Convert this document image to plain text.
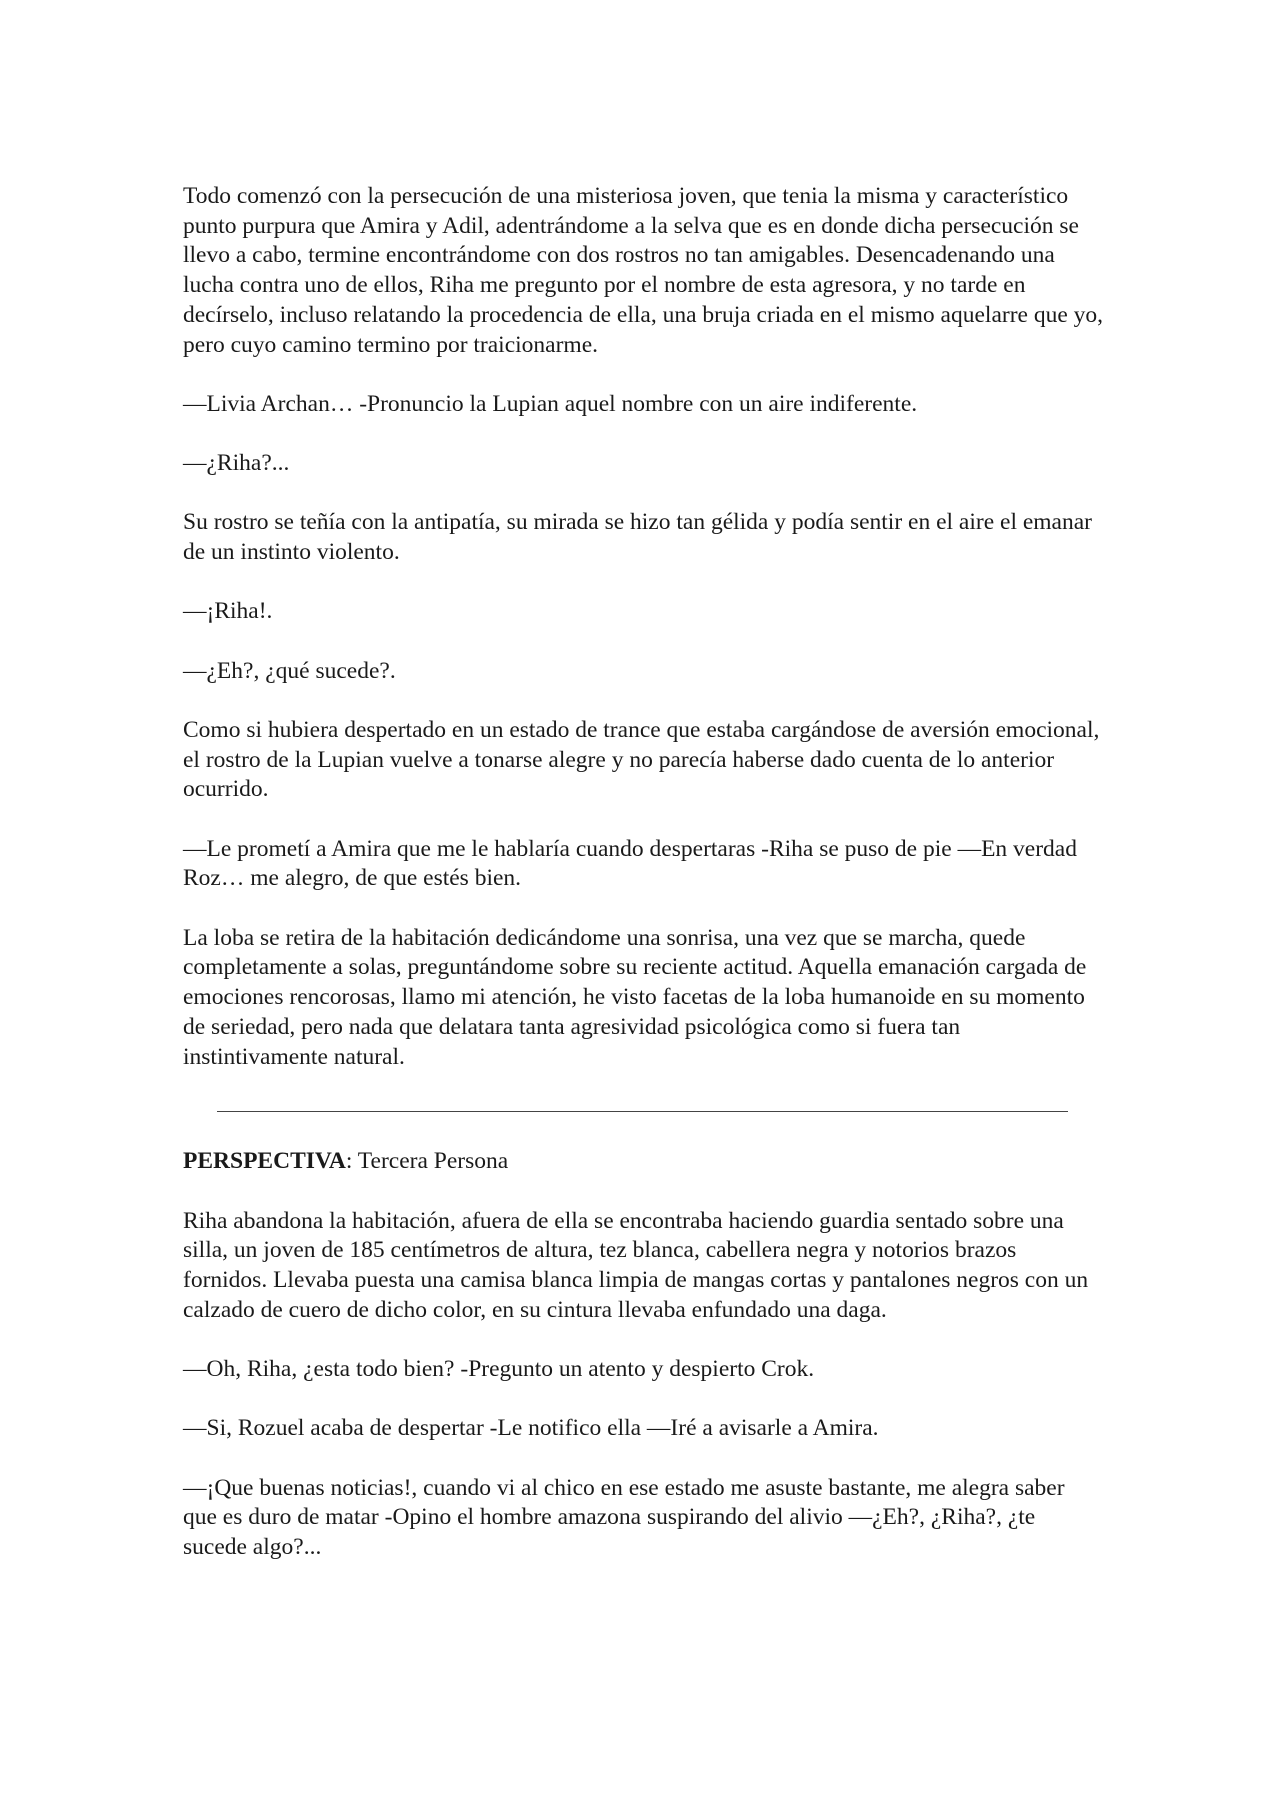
Todo comenzó con la persecución de una misteriosa joven, que tenia la misma y característico punto purpura que Amira y Adil, adentrándome a la selva que es en donde dicha persecución se llevo a cabo, termine encontrándome con dos rostros no tan amigables. Desencadenando una lucha contra uno de ellos, Riha me pregunto por el nombre de esta agresora, y no tarde en decírselo, incluso relatando la procedencia de ella, una bruja criada en el mismo aquelarre que yo, pero cuyo camino termino por traicionarme.

—Livia Archan… -Pronuncio la Lupian aquel nombre con un aire indiferente.

—¿Riha?...

Su rostro se teñía con la antipatía, su mirada se hizo tan gélida y podía sentir en el aire el emanar de un instinto violento.

—¡Riha!.

—¿Eh?, ¿qué sucede?.

Como si hubiera despertado en un estado de trance que estaba cargándose de aversión emocional, el rostro de la Lupian vuelve a tonarse alegre y no parecía haberse dado cuenta de lo anterior ocurrido.

—Le prometí a Amira que me le hablaría cuando despertaras -Riha se puso de pie —En verdad Roz… me alegro, de que estés bien.

La loba se retira de la habitación dedicándome una sonrisa, una vez que se marcha, quede completamente a solas, preguntándome sobre su reciente actitud. Aquella emanación cargada de emociones rencorosas, llamo mi atención, he visto facetas de la loba humanoide en su momento de seriedad, pero nada que delatara tanta agresividad psicológica como si fuera tan instintivamente natural.

PERSPECTIVA: Tercera Persona

Riha abandona la habitación, afuera de ella se encontraba haciendo guardia sentado sobre una silla, un joven de 185 centímetros de altura, tez blanca, cabellera negra y notorios brazos fornidos. Llevaba puesta una camisa blanca limpia de mangas cortas y pantalones negros con un calzado de cuero de dicho color, en su cintura llevaba enfundado una daga.

—Oh, Riha, ¿esta todo bien? -Pregunto un atento y despierto Crok.

—Si, Rozuel acaba de despertar -Le notifico ella —Iré a avisarle a Amira.

—¡Que buenas noticias!, cuando vi al chico en ese estado me asuste bastante, me alegra saber que es duro de matar -Opino el hombre amazona suspirando del alivio —¿Eh?, ¿Riha?, ¿te sucede algo?...
